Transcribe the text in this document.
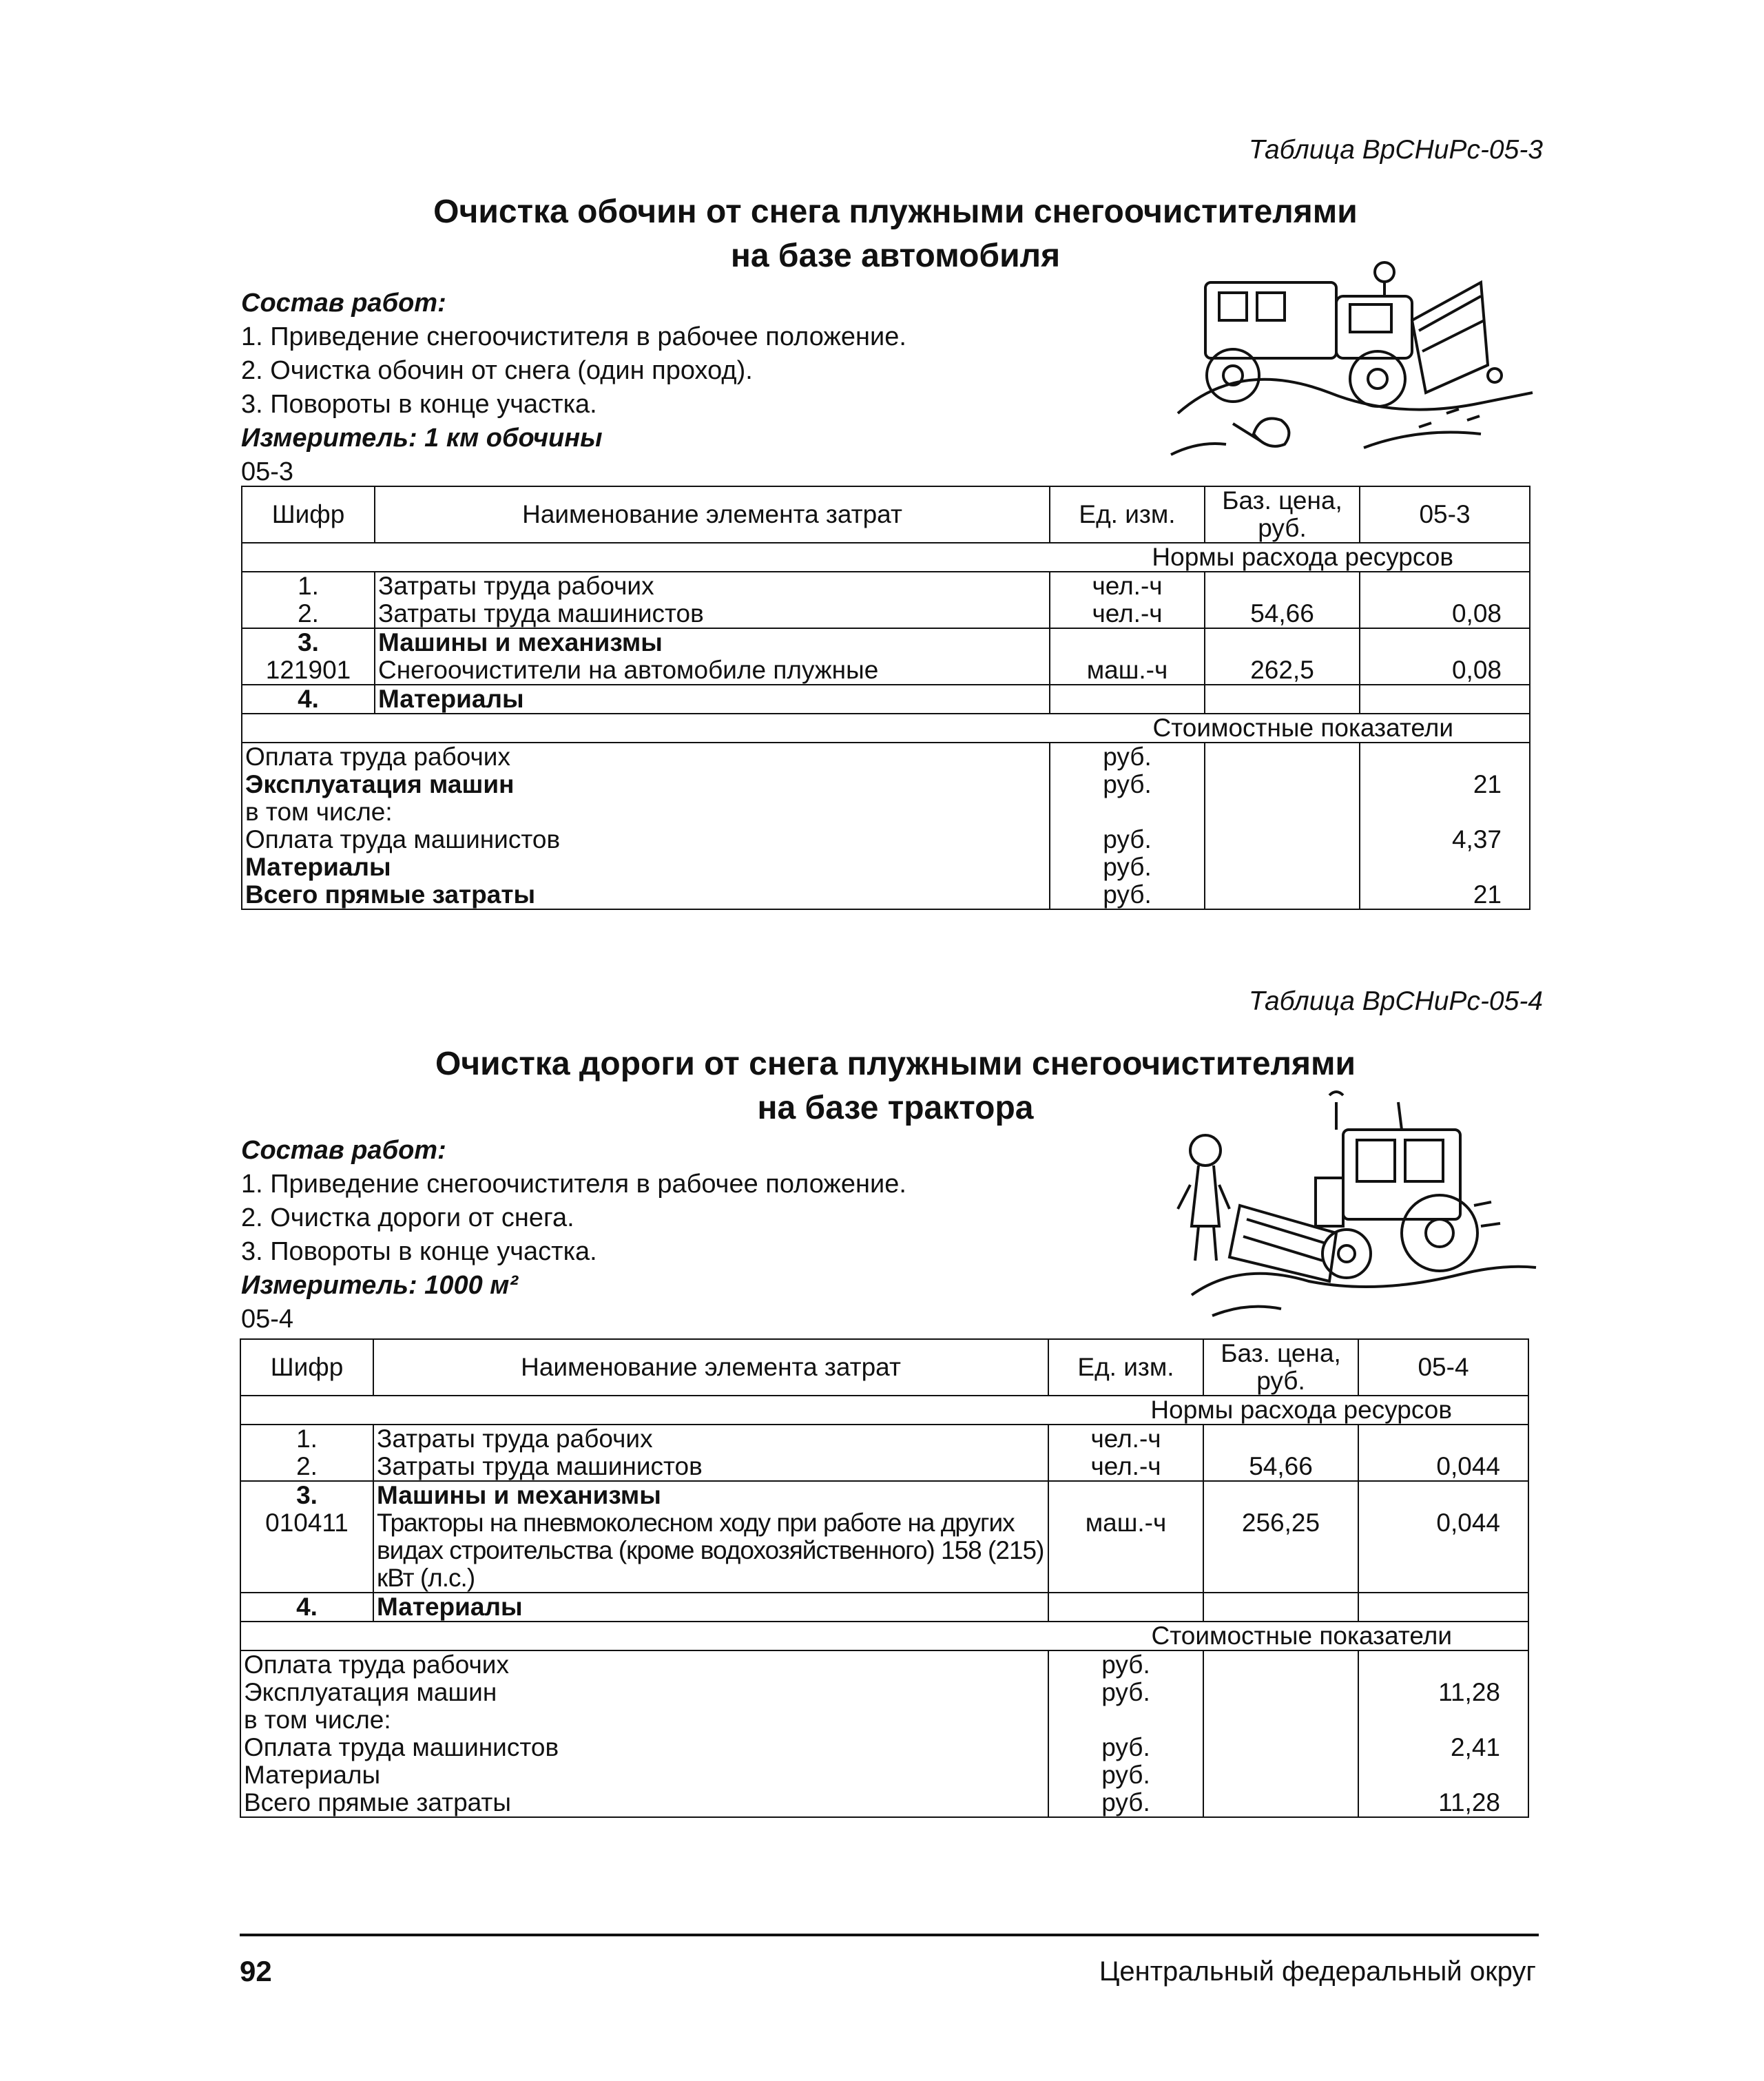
Таблица ВрСНиРс-05-3
Очистка обочин от снега плужными снегоочистителями
на базе автомобиля
Состав работ:
1. Приведение снегоочистителя в рабочее положение.
2. Очистка обочин от снега (один проход).
3. Повороты в конце участка.
Измеритель: 1 км обочины
05-3
Шифр	Наименование элемента затрат	Ед. изм.	Баз. цена, руб.	05-3
Нормы расхода ресурсов				
1.	Затраты труда рабочих	чел.-ч		
2.	Затраты труда машинистов	чел.-ч	54,66	0,08
3.	Машины и механизмы			
121901	Снегоочистители на автомобиле плужные	маш.-ч	262,5	0,08
4.	Материалы			
Стоимостные показатели				
Оплата труда рабочих		руб.		
Эксплуатация машин		руб.		21
в том числе:				
Оплата труда машинистов		руб.		4,37
Материалы		руб.		
Всего прямые затраты		руб.		21
Таблица ВрСНиРс-05-4
Очистка дороги от снега плужными снегоочистителями
на базе трактора
Состав работ:
1. Приведение снегоочистителя в рабочее положение.
2. Очистка дороги от снега.
3. Повороты в конце участка.
Измеритель: 1000 м²
05-4
Шифр	Наименование элемента затрат	Ед. изм.	Баз. цена, руб.	05-4
Нормы расхода ресурсов				
1.	Затраты труда рабочих	чел.-ч		
2.	Затраты труда машинистов	чел.-ч	54,66	0,044
3.	Машины и механизмы			
010411	Тракторы на пневмоколесном ходу при работе на других видах строительства (кроме водохозяйственного) 158 (215) кВт (л.с.)	маш.-ч	256,25	0,044
4.	Материалы			
Стоимостные показатели				
Оплата труда рабочих		руб.		
Эксплуатация машин		руб.		11,28
в том числе:				
Оплата труда машинистов		руб.		2,41
Материалы		руб.		
Всего прямые затраты		руб.		11,28
92	Центральный федеральный округ
